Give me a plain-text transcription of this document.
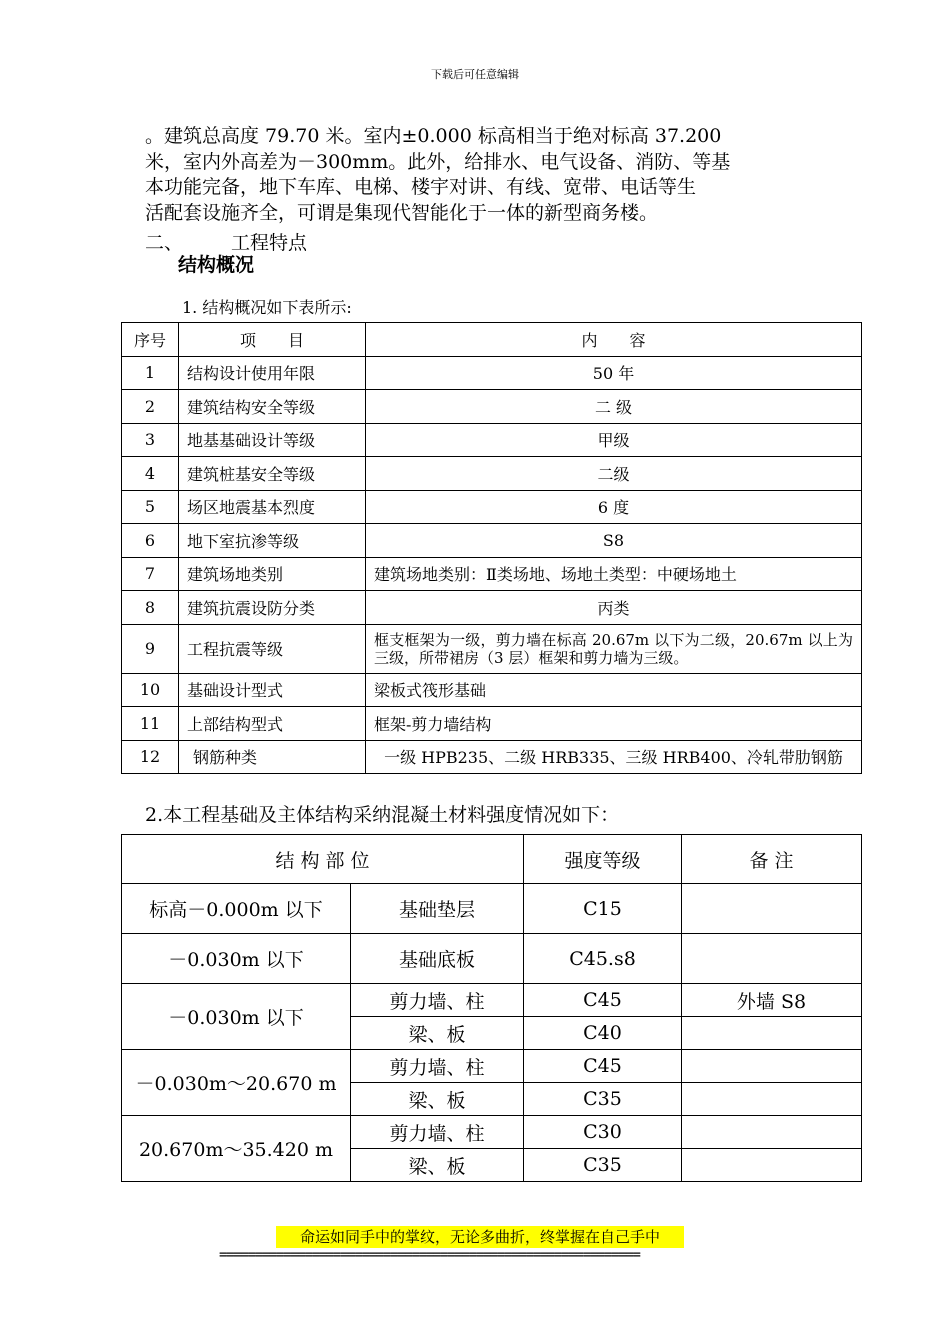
下载后可任意编辑
。建筑总高度 79.70 米。室内±0.000 标高相当于绝对标高 37.200
米，室内外高差为－300mm。此外，给排水、电气设备、消防、等基
本功能完备，地下车库、电梯、楼宇对讲、有线、宽带、电话等生
活配套设施齐全，可谓是集现代智能化于一体的新型商务楼。
二、	工程特点
结构概况
1. 结构概况如下表所示:
序号	项　　目	内　　容
1	结构设计使用年限	50 年
2	建筑结构安全等级	二 级
3	地基基础设计等级	甲级
4	建筑桩基安全等级	二级
5	场区地震基本烈度	6 度
6	地下室抗渗等级	S8
7	建筑场地类别	建筑场地类别：Ⅱ类场地、场地土类型：中硬场地土
8	建筑抗震设防分类	丙类
9	工程抗震等级	框支框架为一级，剪力墙在标高 20.67m 以下为二级，20.67m 以上为三级，所带裙房（3 层）框架和剪力墙为三级。
10	基础设计型式	梁板式筏形基础
11	上部结构型式	框架-剪力墙结构
12	钢筋种类	一级 HPB235、二级 HRB335、三级 HRB400、冷轧带肋钢筋
2.本工程基础及主体结构采纳混凝土材料强度情况如下：
结 构 部 位		强度等级	备 注
标高－0.000m 以下	基础垫层	C15	
－0.030m 以下	基础底板	C45.s8	
－0.030m 以下	剪力墙、柱	C45	外墙 S8
	梁、板	C40	
－0.030m～20.670 m	剪力墙、柱	C45	
	梁、板	C35	
20.670m～35.420 m	剪力墙、柱	C30	
	梁、板	C35	
命运如同手中的掌纹，无论多曲折，终掌握在自己手中
===========================================================
